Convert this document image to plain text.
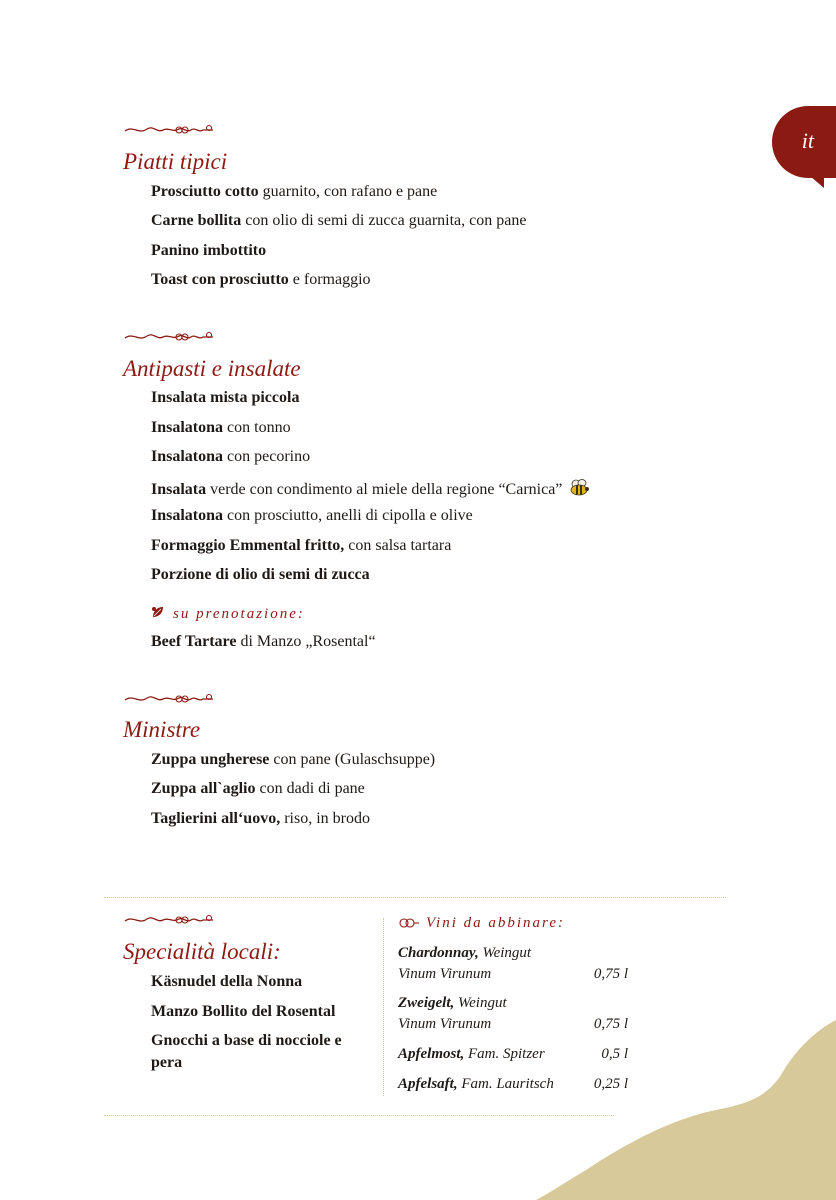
it
Piatti tipici
Prosciutto cotto guarnito, con rafano e pane
Carne bollita con olio di semi di zucca guarnita, con pane
Panino imbottito
Toast con prosciutto e formaggio
Antipasti e insalate
Insalata mista piccola
Insalatona con tonno
Insalatona con pecorino
Insalata verde con condimento al miele della regione “Carnica”
Insalatona con prosciutto, anelli di cipolla e olive
Formaggio Emmental fritto, con salsa tartara
Porzione di olio di semi di zucca
su prenotazione:
Beef Tartare di Manzo „Rosental“
Ministre
Zuppa ungherese con pane (Gulaschsuppe)
Zuppa all`aglio con dadi di pane
Taglierini all‘uovo, riso, in brodo
Specialità locali:
Käsnudel della Nonna
Manzo Bollito del Rosental
Gnocchi a base di nocciole e pera
Vini da abbinare:
Chardonnay, Weingut
Vinum Virunum	0,75 l
Zweigelt, Weingut
Vinum Virunum	0,75 l
Apfelmost, Fam. Spitzer	0,5 l
Apfelsaft, Fam. Lauritsch	0,25 l
